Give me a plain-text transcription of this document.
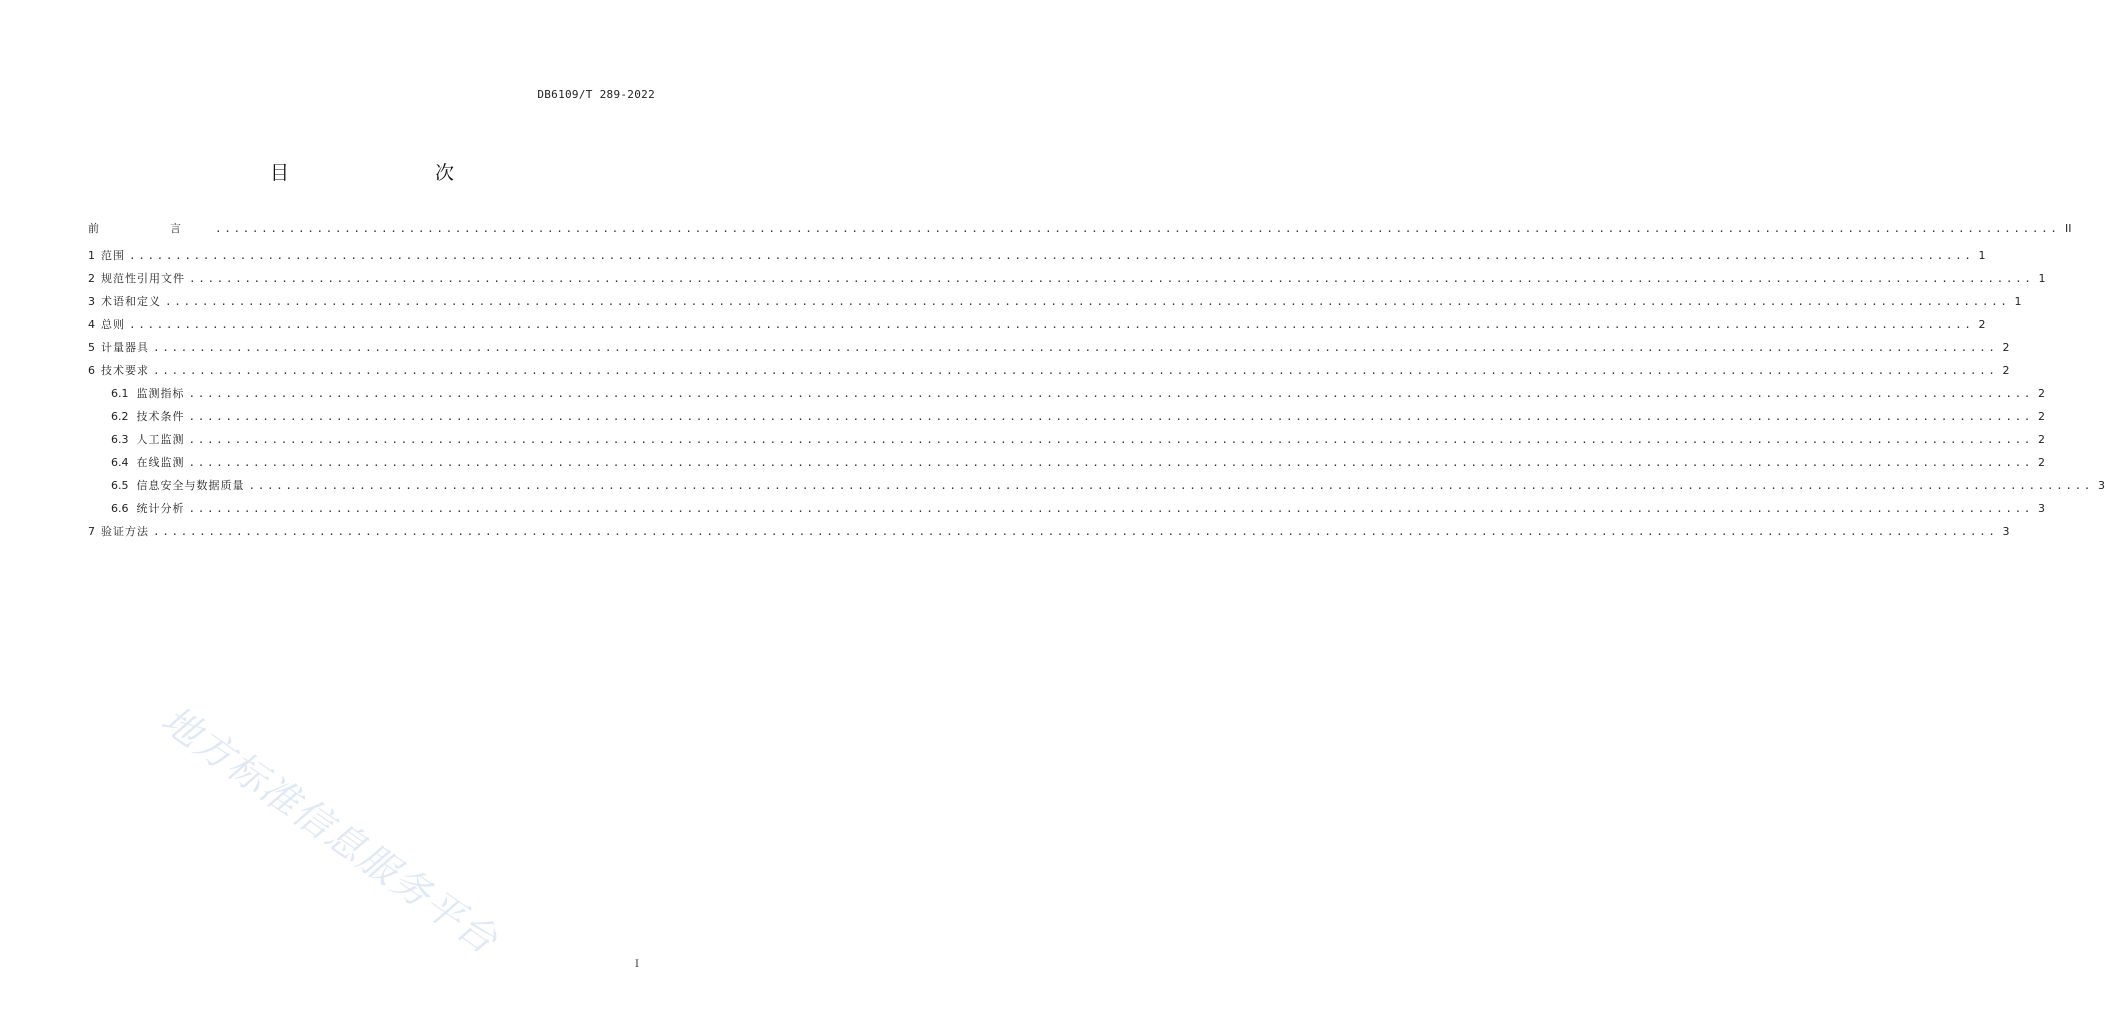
DB6109/T 289-2022
目　　次
前　言 ........................................................................................................................................................................................................ II
1 范围 ........................................................................................................................................................................................................ 1
2 规范性引用文件 ........................................................................................................................................................................................................ 1
3 术语和定义 ........................................................................................................................................................................................................ 1
4 总则 ........................................................................................................................................................................................................ 2
5 计量器具 ........................................................................................................................................................................................................ 2
6 技术要求 ........................................................................................................................................................................................................ 2
6.1 监测指标 ........................................................................................................................................................................................................ 2
6.2 技术条件 ........................................................................................................................................................................................................ 2
6.3 人工监测 ........................................................................................................................................................................................................ 2
6.4 在线监测 ........................................................................................................................................................................................................ 2
6.5 信息安全与数据质量 ........................................................................................................................................................................................................ 3
6.6 统计分析 ........................................................................................................................................................................................................ 3
7 验证方法 ........................................................................................................................................................................................................ 3
地方标准信息服务平台
I
